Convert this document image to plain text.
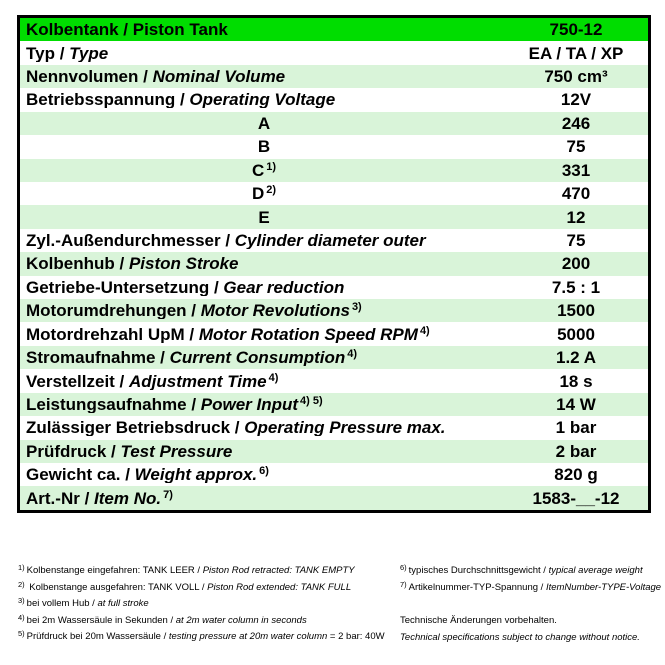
Kolbentank / Piston Tank	750-12
Typ / Type	EA / TA / XP
Nennvolumen / Nominal Volume	750 cm³
Betriebsspannung / Operating Voltage	12V
A	246
B	75
C $^{1)}$	331
D $^{2)}$	470
E	12
Zyl.-Außendurchmesser / Cylinder diameter outer	75
Kolbenhub / Piston Stroke	200
Getriebe-Untersetzung / Gear reduction	7.5 : 1
Motorumdrehungen / Motor Revolutions $^{3)}$	1500
Motordrehzahl UpM / Motor Rotation Speed RPM $^{4)}$	5000
Stromaufnahme / Current Consumption $^{4)}$	1.2 A
Verstellzeit / Adjustment Time $^{4)}$	18 s
Leistungsaufnahme / Power Input $^{4) 5)}$	14 W
Zulässiger Betriebsdruck / Operating Pressure max.	1 bar
Prüfdruck / Test Pressure	2 bar
Gewicht ca. / Weight approx. $^{6)}$	820 g
Art.-Nr / Item No. $^{7)}$	1583-__-12
$^{1)}$ Kolbenstange eingefahren: TANK LEER / Piston Rod retracted: TANK EMPTY
$^{2)}$ Kolbenstange ausgefahren: TANK VOLL / Piston Rod extended: TANK FULL
$^{3)}$ bei vollem Hub / at full stroke
$^{4)}$ bei 2m Wassersäule in Sekunden / at 2m water column in seconds
$^{5)}$ Prüfdruck bei 20m Wassersäule / testing pressure at 20m water column = 2 bar: 40W
$^{6)}$ typisches Durchschnittsgewicht / typical average weight
$^{7)}$ Artikelnummer-TYP-Spannung / ItemNumber-TYPE-Voltage
Technische Änderungen vorbehalten.
Technical specifications subject to change without notice.
